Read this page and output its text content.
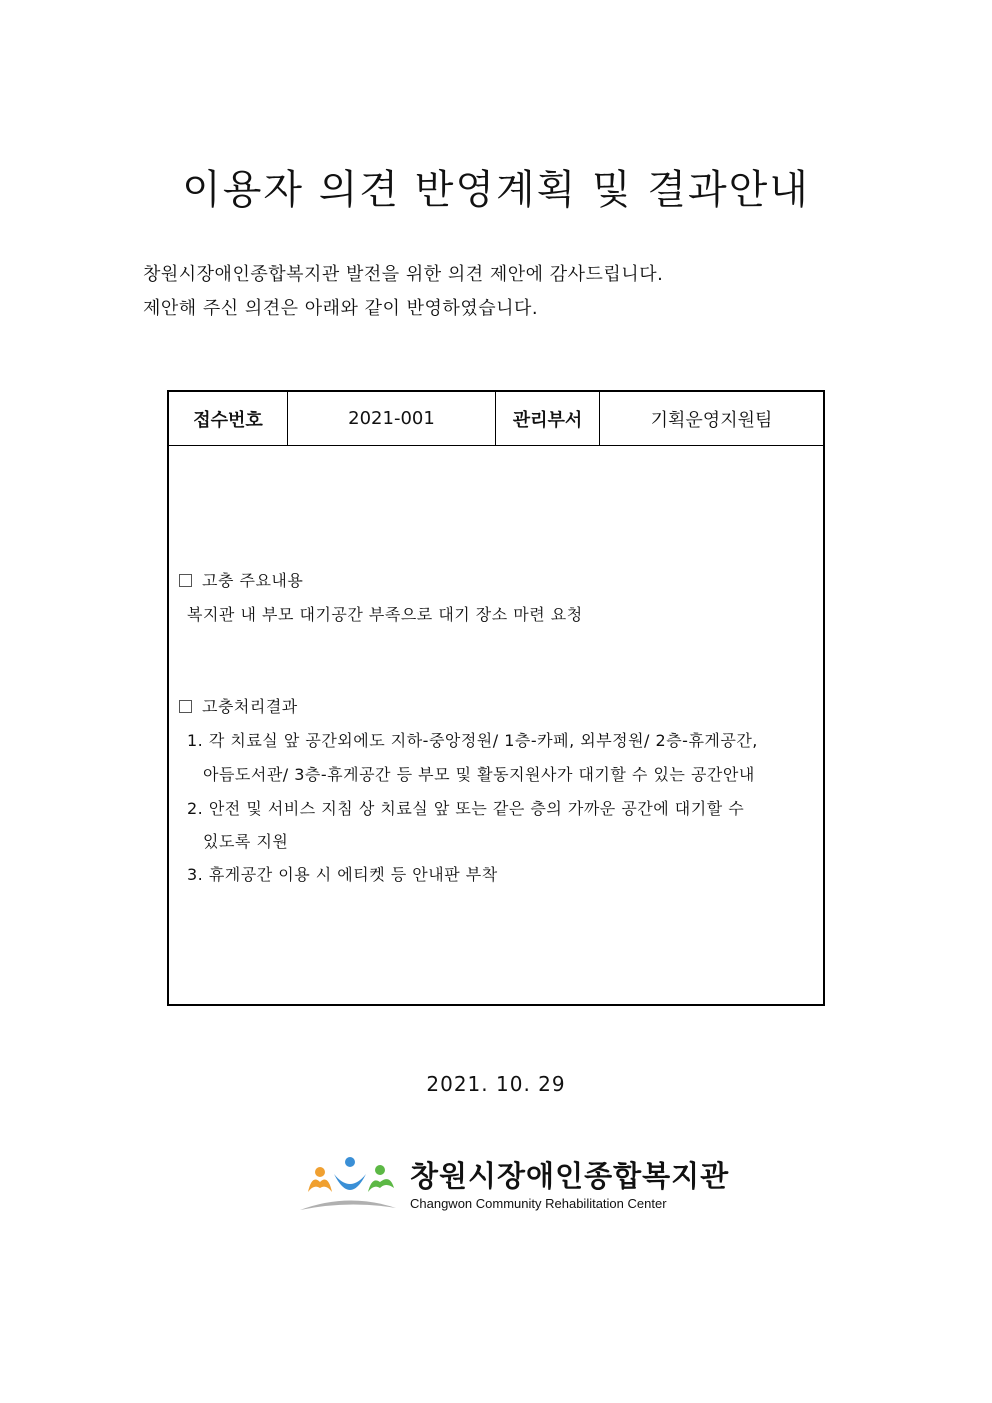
이용자 의견 반영계획 및 결과안내
창원시장애인종합복지관 발전을 위한 의견 제안에 감사드립니다.
제안해 주신 의견은 아래와 같이 반영하였습니다.
접수번호	2021-001	관리부서	기획운영지원팀
고충 주요내용
복지관 내 부모 대기공간 부족으로 대기 장소 마련 요청
고충처리결과
1. 각 치료실 앞 공간외에도 지하-중앙정원/ 1층-카페, 외부정원/ 2층-휴게공간,
아듬도서관/ 3층-휴게공간 등 부모 및 활동지원사가 대기할 수 있는 공간안내
2. 안전 및 서비스 지침 상 치료실 앞 또는 같은 층의 가까운 공간에 대기할 수
있도록 지원
3. 휴게공간 이용 시 에티켓 등 안내판 부착
2021. 10. 29
창원시장애인종합복지관
Changwon Community Rehabilitation Center
